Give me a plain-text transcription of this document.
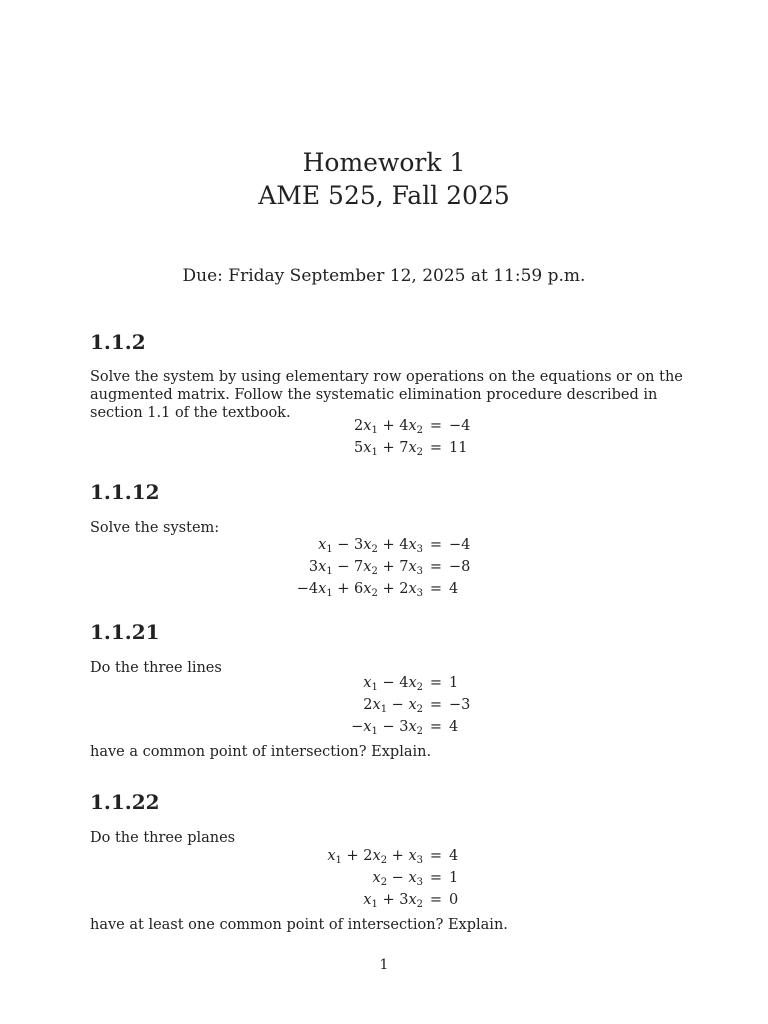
Homework 1
AME 525, Fall 2025
Due: Friday September 12, 2025 at 11:59 p.m.
1.1.2
Solve the system by using elementary row operations on the equations or on the augmented matrix. Follow the systematic elimination procedure described in section 1.1 of the textbook.
$2x_1 + 4x_2 = -4$
$5x_1 + 7x_2 = 11$
1.1.12
Solve the system:
$x_1 - 3x_2 + 4x_3 = -4$
$3x_1 - 7x_2 + 7x_3 = -8$
$-4x_1 + 6x_2 + 2x_3 = 4$
1.1.21
Do the three lines
$x_1 - 4x_2 = 1$
$2x_1 - x_2 = -3$
$-x_1 - 3x_2 = 4$
have a common point of intersection? Explain.
1.1.22
Do the three planes
$x_1 + 2x_2 + x_3 = 4$
$x_2 - x_3 = 1$
$x_1 + 3x_2 = 0$
have at least one common point of intersection? Explain.
1
